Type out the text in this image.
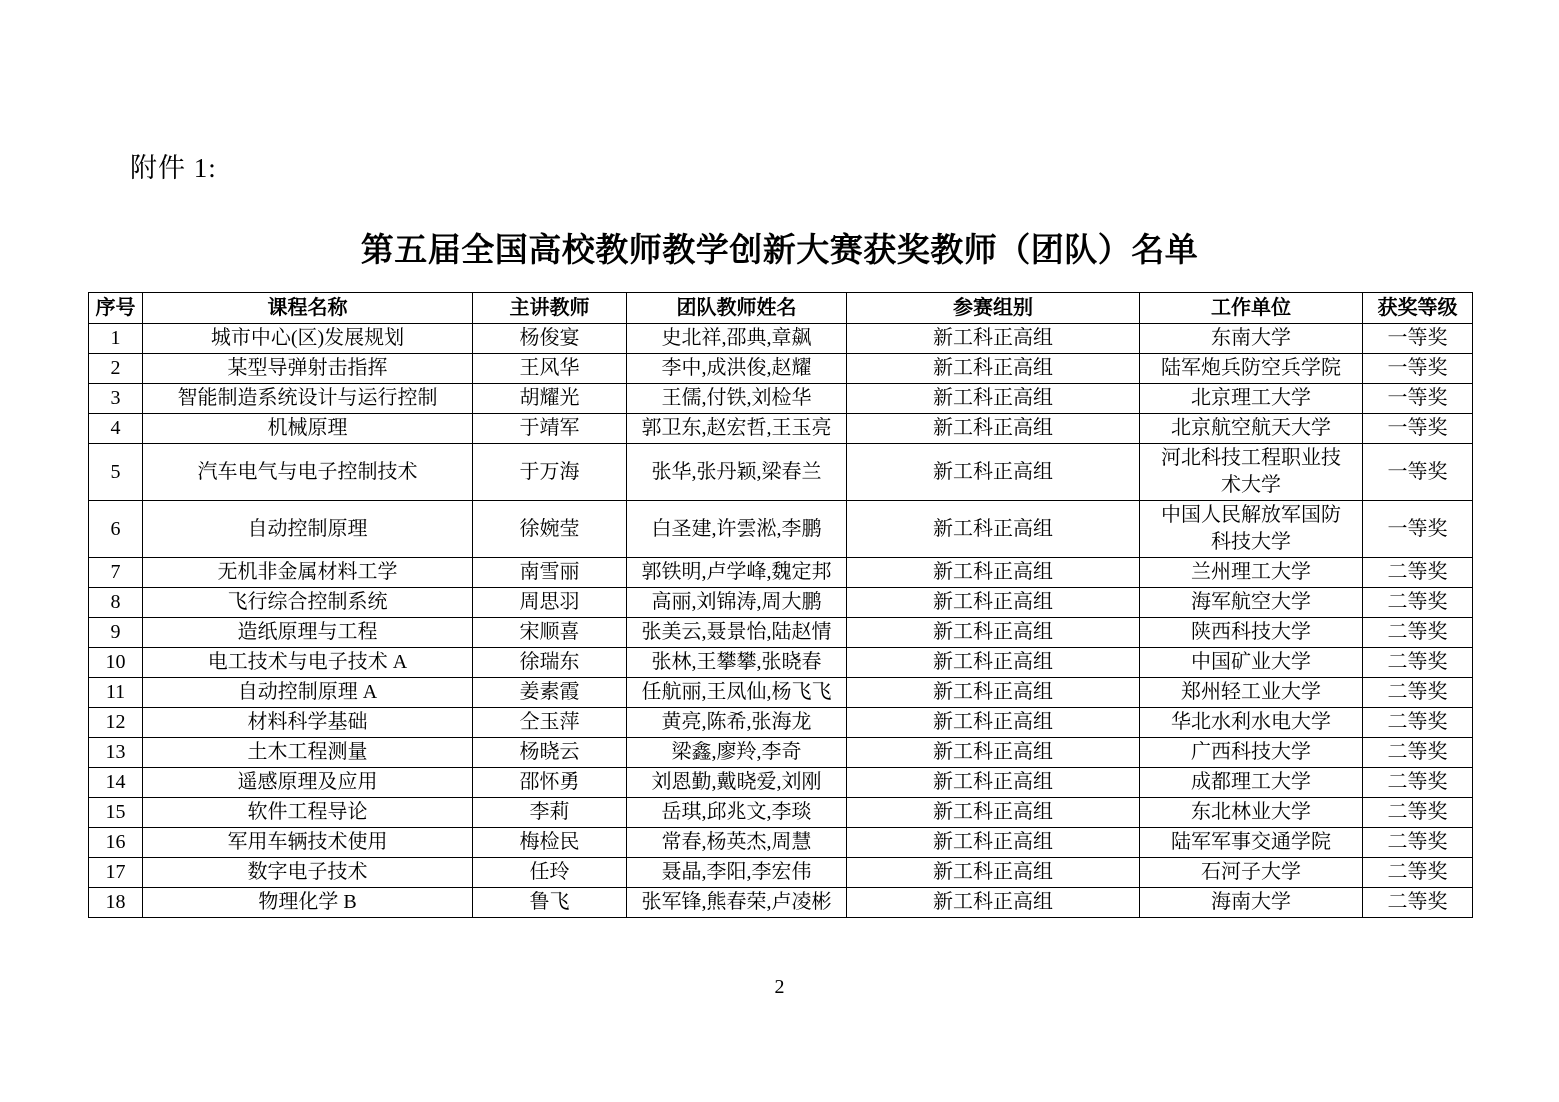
附件 1:
第五届全国高校教师教学创新大赛获奖教师（团队）名单
序号	课程名称	主讲教师	团队教师姓名	参赛组别	工作单位	获奖等级
1	城市中心(区)发展规划	杨俊宴	史北祥,邵典,章飙	新工科正高组	东南大学	一等奖
2	某型导弹射击指挥	王风华	李中,成洪俊,赵耀	新工科正高组	陆军炮兵防空兵学院	一等奖
3	智能制造系统设计与运行控制	胡耀光	王儒,付铁,刘检华	新工科正高组	北京理工大学	一等奖
4	机械原理	于靖军	郭卫东,赵宏哲,王玉亮	新工科正高组	北京航空航天大学	一等奖
5	汽车电气与电子控制技术	于万海	张华,张丹颖,梁春兰	新工科正高组	河北科技工程职业技术大学	一等奖
6	自动控制原理	徐婉莹	白圣建,许雲淞,李鹏	新工科正高组	中国人民解放军国防科技大学	一等奖
7	无机非金属材料工学	南雪丽	郭铁明,卢学峰,魏定邦	新工科正高组	兰州理工大学	二等奖
8	飞行综合控制系统	周思羽	高丽,刘锦涛,周大鹏	新工科正高组	海军航空大学	二等奖
9	造纸原理与工程	宋顺喜	张美云,聂景怡,陆赵情	新工科正高组	陕西科技大学	二等奖
10	电工技术与电子技术 A	徐瑞东	张林,王攀攀,张晓春	新工科正高组	中国矿业大学	二等奖
11	自动控制原理 A	姜素霞	任航丽,王凤仙,杨飞飞	新工科正高组	郑州轻工业大学	二等奖
12	材料科学基础	仝玉萍	黄亮,陈希,张海龙	新工科正高组	华北水利水电大学	二等奖
13	土木工程测量	杨晓云	梁鑫,廖羚,李奇	新工科正高组	广西科技大学	二等奖
14	遥感原理及应用	邵怀勇	刘恩勤,戴晓爱,刘刚	新工科正高组	成都理工大学	二等奖
15	软件工程导论	李莉	岳琪,邱兆文,李琰	新工科正高组	东北林业大学	二等奖
16	军用车辆技术使用	梅检民	常春,杨英杰,周慧	新工科正高组	陆军军事交通学院	二等奖
17	数字电子技术	任玲	聂晶,李阳,李宏伟	新工科正高组	石河子大学	二等奖
18	物理化学 B	鲁飞	张军锋,熊春荣,卢凌彬	新工科正高组	海南大学	二等奖
2
